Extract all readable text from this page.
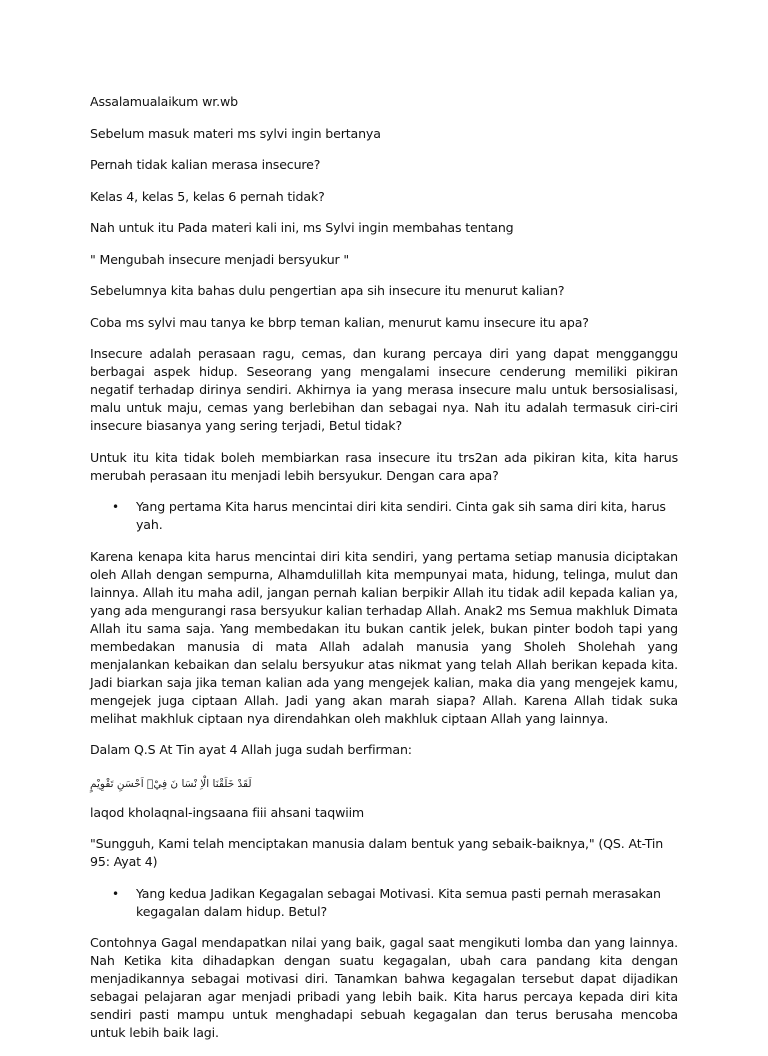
Assalamualaikum wr.wb

Sebelum masuk materi ms sylvi ingin bertanya

Pernah tidak kalian merasa insecure?

Kelas 4, kelas 5, kelas 6 pernah tidak?

Nah untuk itu Pada materi kali ini, ms Sylvi ingin membahas tentang

" Mengubah insecure menjadi bersyukur "

Sebelumnya kita bahas dulu pengertian apa sih insecure itu menurut kalian?

Coba ms sylvi mau tanya ke bbrp teman kalian, menurut kamu insecure itu apa?

Insecure adalah perasaan ragu, cemas, dan kurang percaya diri yang dapat mengganggu berbagai aspek hidup. Seseorang yang mengalami insecure cenderung memiliki pikiran negatif terhadap dirinya sendiri. Akhirnya ia yang merasa insecure malu untuk bersosialisasi, malu untuk maju, cemas yang berlebihan dan sebagai nya. Nah itu adalah termasuk ciri-ciri insecure biasanya yang sering terjadi, Betul tidak?

Untuk itu kita tidak boleh membiarkan rasa insecure itu trs2an ada pikiran kita, kita harus merubah perasaan itu menjadi lebih bersyukur. Dengan cara apa?

•	Yang pertama Kita harus mencintai diri kita sendiri. Cinta gak sih sama diri kita, harus yah.

Karena kenapa kita harus mencintai diri kita sendiri, yang pertama setiap manusia diciptakan oleh Allah dengan sempurna, Alhamdulillah kita mempunyai mata, hidung, telinga, mulut dan lainnya. Allah itu maha adil, jangan pernah kalian berpikir Allah itu tidak adil kepada kalian ya, yang ada mengurangi rasa bersyukur kalian terhadap Allah. Anak2 ms Semua makhluk Dimata Allah itu sama saja. Yang membedakan itu bukan cantik jelek, bukan pinter bodoh tapi yang membedakan manusia di mata Allah adalah manusia yang Sholeh Sholehah yang menjalankan kebaikan dan selalu bersyukur atas nikmat yang telah Allah berikan kepada kita. Jadi biarkan saja jika teman kalian ada yang mengejek kalian, maka dia yang mengejek kamu, mengejek juga ciptaan Allah. Jadi yang akan marah siapa? Allah. Karena Allah tidak suka melihat makhluk ciptaan nya direndahkan oleh makhluk ciptaan Allah yang lainnya.

Dalam Q.S At Tin ayat 4 Allah juga sudah berfirman:

لَقَدْ خَلَقْنَا الْاِ نْسَا نَ فِيْۤ اَحْسَنِ تَقْوِيْمٍ

laqod kholaqnal-ingsaana fiii ahsani taqwiim

"Sungguh, Kami telah menciptakan manusia dalam bentuk yang sebaik-baiknya," (QS. At-Tin 95: Ayat 4)

•	Yang kedua Jadikan Kegagalan sebagai Motivasi. Kita semua pasti pernah merasakan kegagalan dalam hidup. Betul?

Contohnya Gagal mendapatkan nilai yang baik, gagal saat mengikuti lomba dan yang lainnya. Nah Ketika kita dihadapkan dengan suatu kegagalan, ubah cara pandang kita dengan menjadikannya sebagai motivasi diri. Tanamkan bahwa kegagalan tersebut dapat dijadikan sebagai pelajaran agar menjadi pribadi yang lebih baik. Kita harus percaya kepada diri kita sendiri pasti mampu untuk menghadapi sebuah kegagalan dan terus berusaha mencoba untuk lebih baik lagi.
